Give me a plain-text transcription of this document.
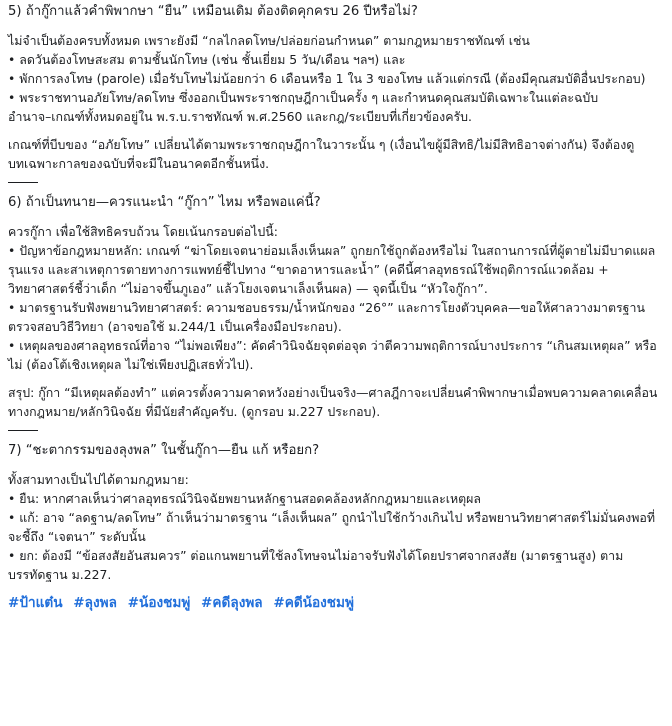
5) ถ้ากู๊กาแล้วคำพิพากษา “ยืน” เหมือนเดิม ต้องติดคุกครบ 26 ปีหรือไม่?

ไม่จำเป็นต้องครบทั้งหมด เพราะยังมี “กลไกลดโทษ/ปล่อยก่อนกำหนด” ตามกฎหมายราชทัณฑ์ เช่น

• ลดวันต้องโทษสะสม ตามชั้นนักโทษ (เช่น ชั้นเยี่ยม 5 วัน/เดือน ฯลฯ) และ

• พักการลงโทษ (parole) เมื่อรับโทษไม่น้อยกว่า 6 เดือนหรือ 1 ใน 3 ของโทษ แล้วแต่กรณี (ต้องมีคุณสมบัติอื่นประกอบ)

• พระราชทานอภัยโทษ/ลดโทษ ซึ่งออกเป็นพระราชกฤษฎีกาเป็นครั้ง ๆ และกำหนดคุณสมบัติเฉพาะในแต่ละฉบับ

อำนาจ–เกณฑ์ทั้งหมดอยู่ใน พ.ร.บ.ราชทัณฑ์ พ.ศ.2560 และกฎ/ระเบียบที่เกี่ยวข้องครับ.

เกณฑ์ที่บีบของ “อภัยโทษ” เปลี่ยนได้ตามพระราชกฤษฎีกาในวาระนั้น ๆ (เงื่อนไขผู้มีสิทธิ/ไม่มีสิทธิอาจต่างกัน) จึงต้องดูบทเฉพาะกาลของฉบับที่จะมีในอนาคตอีกชั้นหนึ่ง.

6) ถ้าเป็นทนาย—ควรแนะนำ “กู๊กา” ไหม หรือพอแค่นี้?

ควรกู๊กา เพื่อใช้สิทธิครบถ้วน โดยเน้นกรอบต่อไปนี้:

• ปัญหาข้อกฎหมายหลัก: เกณฑ์ “ฆ่าโดยเจตนาย่อมเล็งเห็นผล” ถูกยกใช้ถูกต้องหรือไม่ ในสถานการณ์ที่ผู้ตายไม่มีบาดแผลรุนแรง และสาเหตุการตายทางการแพทย์ชี้ไปทาง “ขาดอาหารและน้ำ” (คดีนี้ศาลอุทธรณ์ใช้พฤติการณ์แวดล้อม + วิทยาศาสตร์ชี้ว่าเด็ก “ไม่อาจขึ้นภูเอง” แล้วโยงเจตนาเล็งเห็นผล) — จุดนี้เป็น “หัวใจกู๊กา”.

• มาตรฐานรับฟังพยานวิทยาศาสตร์: ความชอบธรรม/น้ำหนักของ “26°” และการโยงตัวบุคคล—ขอให้ศาลวางมาตรฐานตรวจสอบวิธีวิทยา (อาจขอใช้ ม.244/1 เป็นเครื่องมือประกอบ).

• เหตุผลของศาลอุทธรณ์ที่อาจ “ไม่พอเพียง”: คัดคำวินิจฉัยจุดต่อจุด ว่าตีความพฤติการณ์บางประการ “เกินสมเหตุผล” หรือไม่ (ต้องโต้เชิงเหตุผล ไม่ใช่เพียงปฏิเสธทั่วไป).

สรุป: กู๊กา “มีเหตุผลต้องทำ” แต่ควรตั้งความคาดหวังอย่างเป็นจริง—ศาลฎีกาจะเปลี่ยนคำพิพากษาเมื่อพบความคลาดเคลื่อนทางกฎหมาย/หลักวินิจฉัย ที่มีนัยสำคัญครับ. (ดูกรอบ ม.227 ประกอบ).

7) “ชะตากรรมของลุงพล” ในชั้นกู๊กา—ยืน แก้ หรือยก?

ทั้งสามทางเป็นไปได้ตามกฎหมาย:

• ยืน: หากศาลเห็นว่าศาลอุทธรณ์วินิจฉัยพยานหลักฐานสอดคล้องหลักกฎหมายและเหตุผล

• แก้: อาจ “ลดฐาน/ลดโทษ” ถ้าเห็นว่ามาตรฐาน “เล็งเห็นผล” ถูกนำไปใช้กว้างเกินไป หรือพยานวิทยาศาสตร์ไม่มั่นคงพอที่จะชี้ถึง “เจตนา” ระดับนั้น

• ยก: ต้องมี “ข้อสงสัยอันสมควร” ต่อแกนพยานที่ใช้ลงโทษจนไม่อาจรับฟังได้โดยปราศจากสงสัย (มาตรฐานสูง) ตามบรรทัดฐาน ม.227.

#ป้าแต๋น #ลุงพล #น้องชมพู่ #คดีลุงพล #คดีน้องชมพู่
